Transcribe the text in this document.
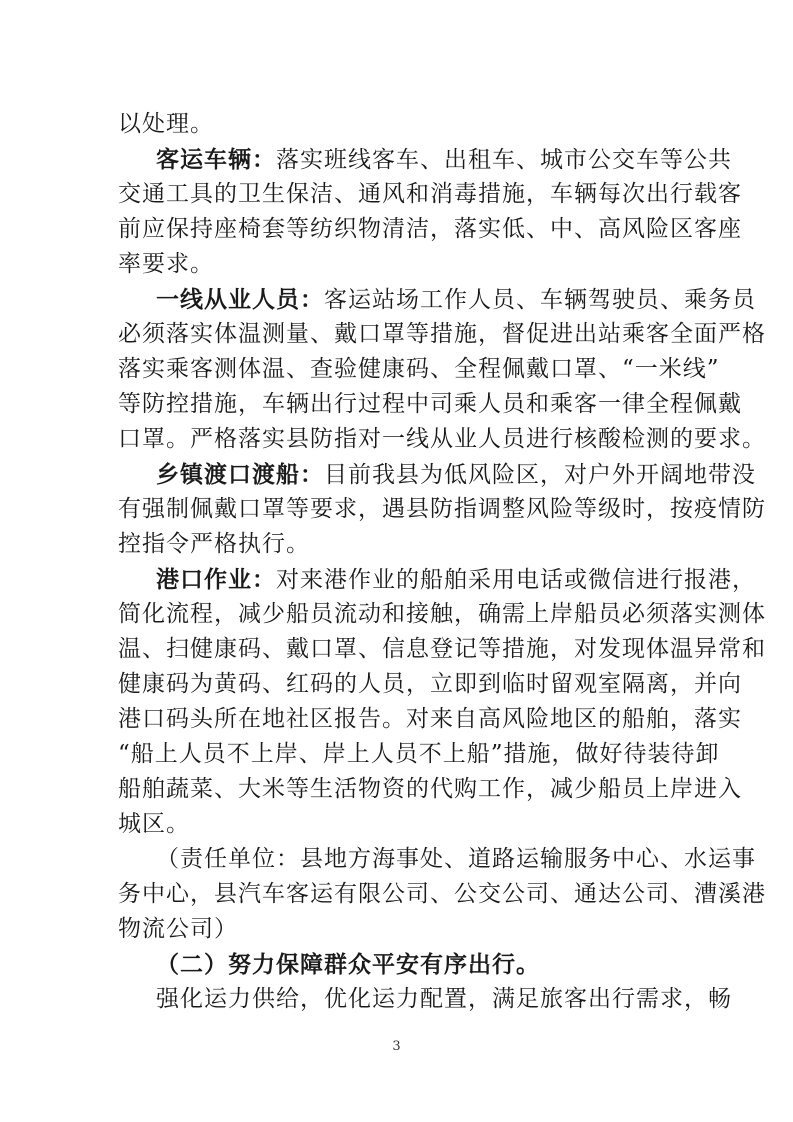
以处理。
客运车辆：落实班线客车、出租车、城市公交车等公共
交通工具的卫生保洁、通风和消毒措施，车辆每次出行载客
前应保持座椅套等纺织物清洁，落实低、中、高风险区客座
率要求。
一线从业人员：客运站场工作人员、车辆驾驶员、乘务员
必须落实体温测量、戴口罩等措施，督促进出站乘客全面严格
落实乘客测体温、查验健康码、全程佩戴口罩、“一米线”
等防控措施，车辆出行过程中司乘人员和乘客一律全程佩戴
口罩。严格落实县防指对一线从业人员进行核酸检测的要求。
乡镇渡口渡船：目前我县为低风险区，对户外开阔地带没
有强制佩戴口罩等要求，遇县防指调整风险等级时，按疫情防
控指令严格执行。
港口作业：对来港作业的船舶采用电话或微信进行报港，
简化流程，减少船员流动和接触，确需上岸船员必须落实测体
温、扫健康码、戴口罩、信息登记等措施，对发现体温异常和
健康码为黄码、红码的人员，立即到临时留观室隔离，并向
港口码头所在地社区报告。对来自高风险地区的船舶，落实
“船上人员不上岸、岸上人员不上船”措施，做好待装待卸
船舶蔬菜、大米等生活物资的代购工作，减少船员上岸进入
城区。
（责任单位：县地方海事处、道路运输服务中心、水运事
务中心，县汽车客运有限公司、公交公司、通达公司、漕溪港
物流公司）
（二）努力保障群众平安有序出行。
强化运力供给，优化运力配置，满足旅客出行需求，畅
3
